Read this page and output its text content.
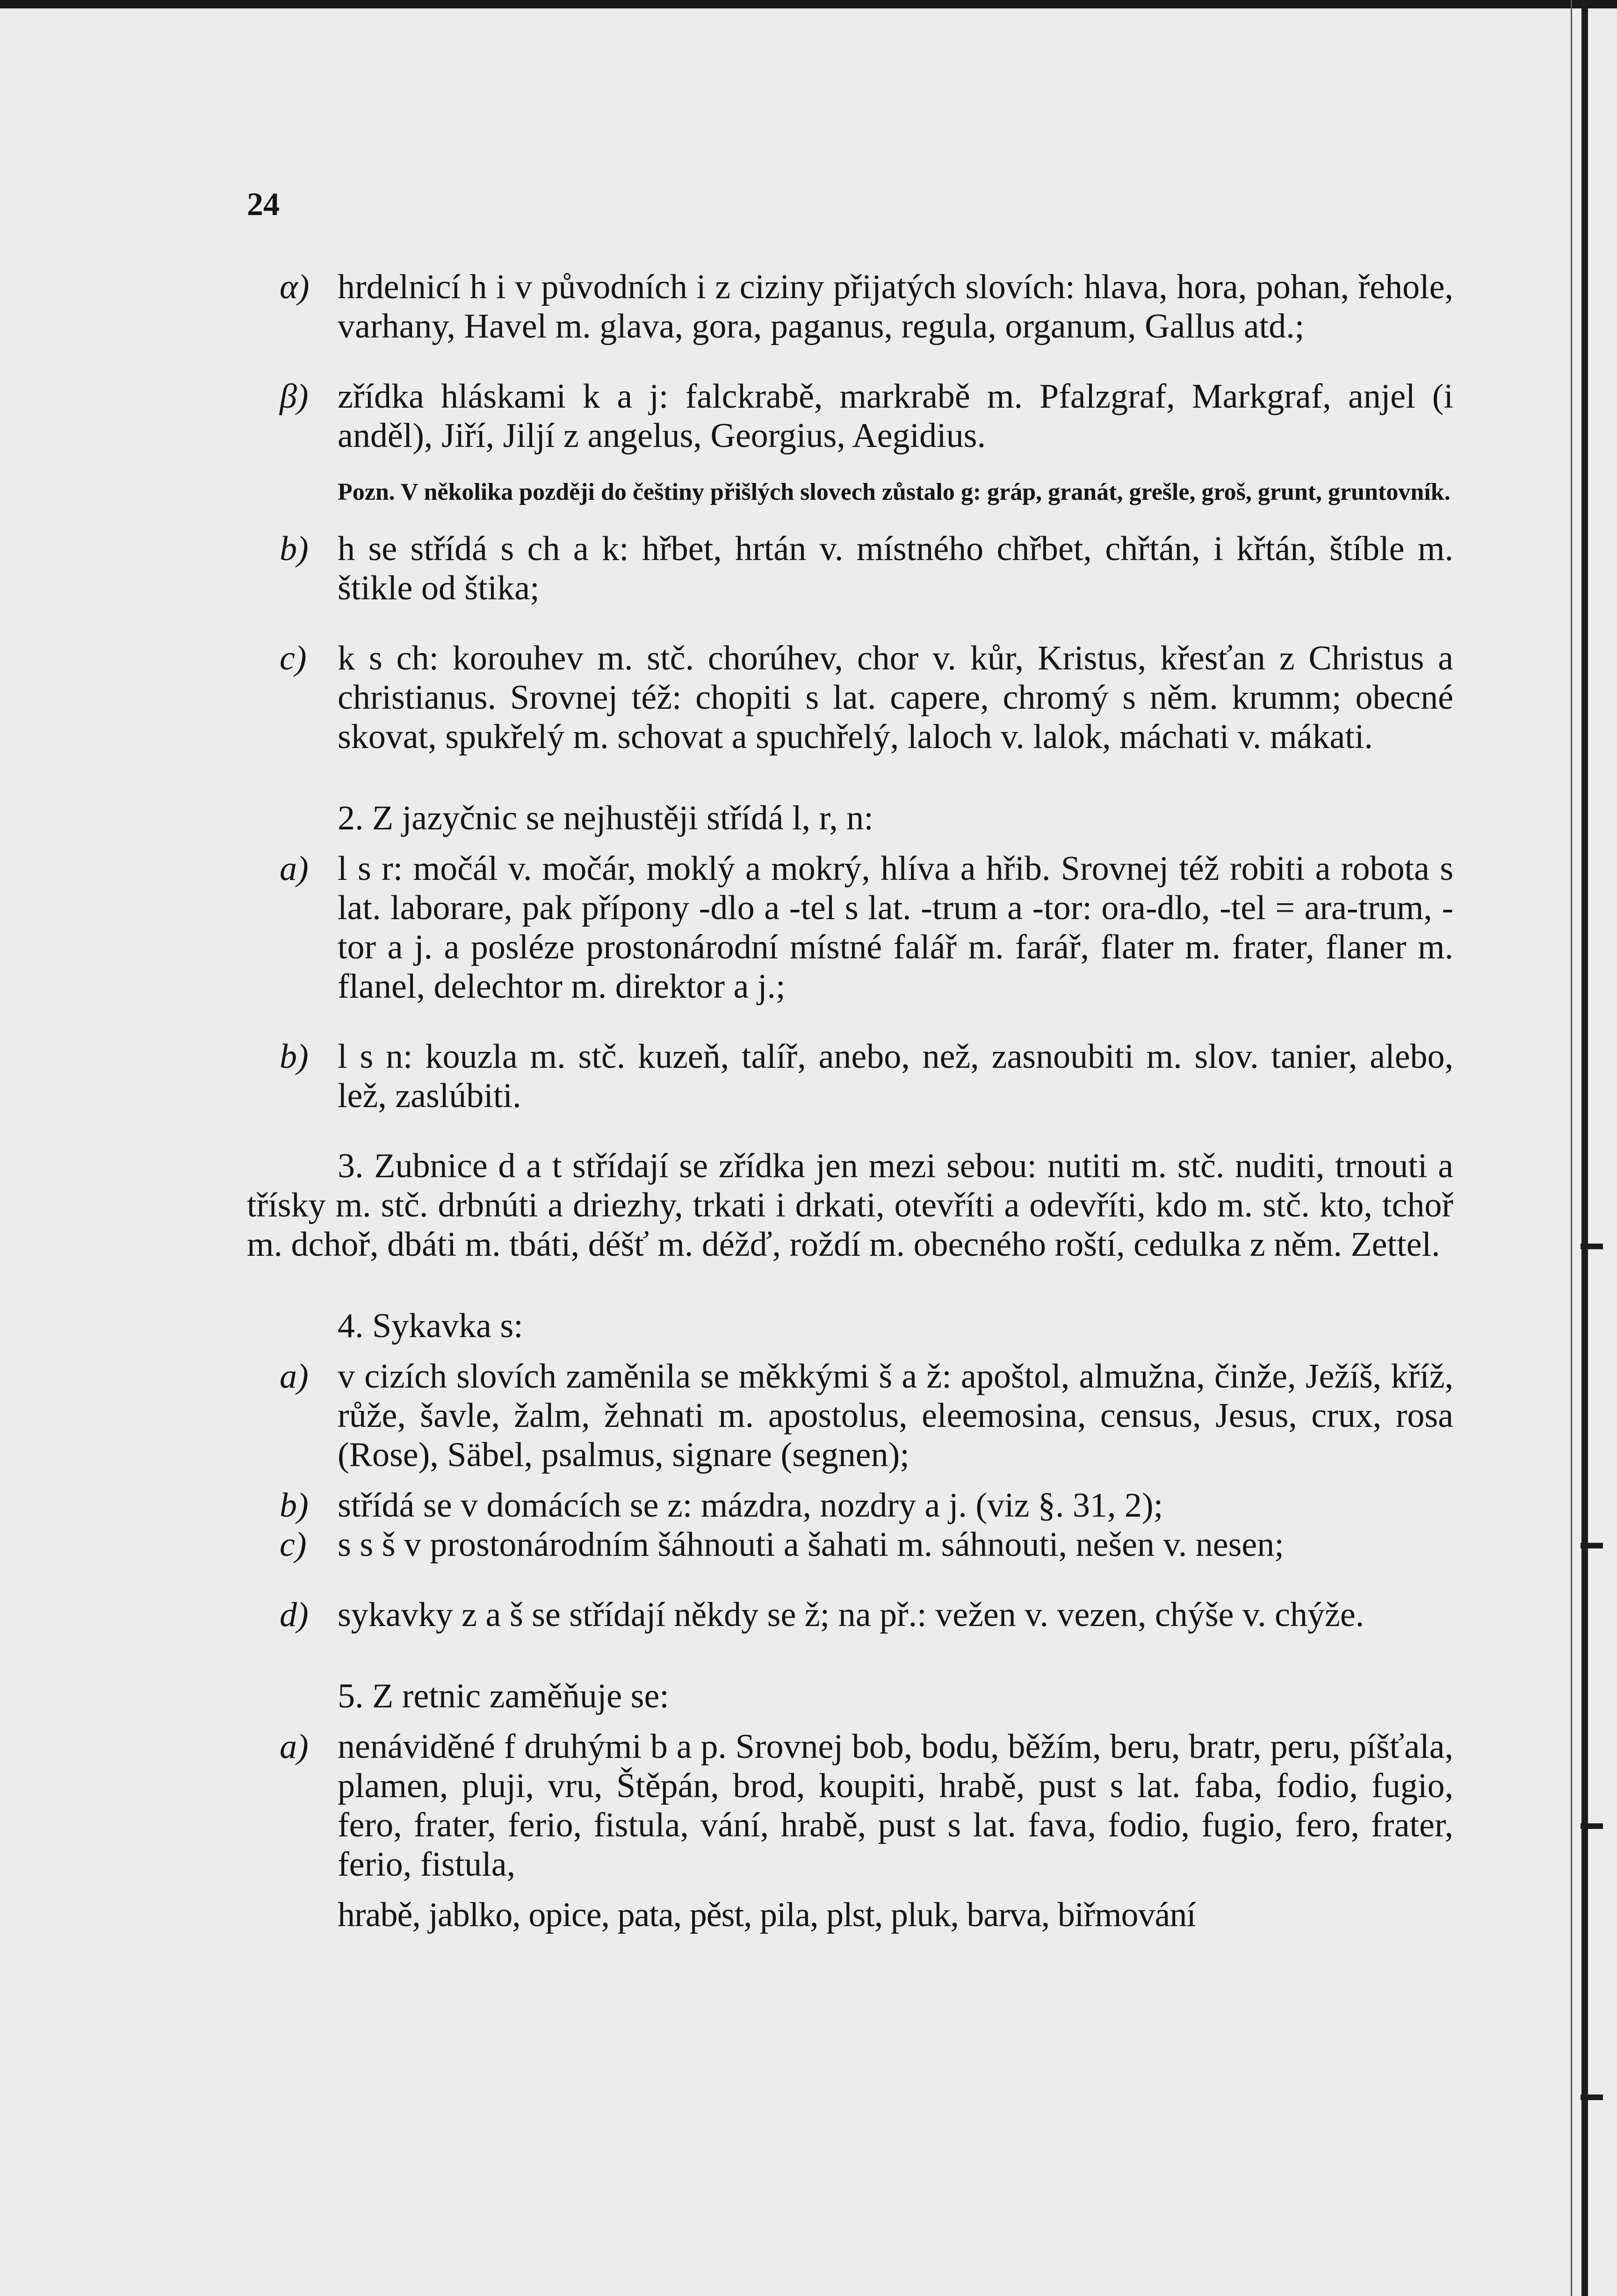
24
α) hrdelnicí h i v původních i z ciziny přijatých slovích: hlava, hora, pohan, řehole, varhany, Havel m. glava, gora, paganus, regula, organum, Gallus atd.;
β) zřídka hláskami k a j: falckrabě, markrabě m. Pfalzgraf, Markgraf, anjel (i anděl), Jiří, Jiljí z angelus, Georgius, Aegidius.
Pozn. V několika později do češtiny přišlých slovech zůstalo g: gráp, granát, grešle, groš, grunt, gruntovník.
b) h se střídá s ch a k: hřbet, hrtán v. místného chřbet, chřtán, i křtán, štíble m. štikle od štika;
c) k s ch: korouhev m. stč. chorúhev, chor v. kůr, Kristus, křesťan z Christus a christianus. Srovnej též: chopiti s lat. capere, chromý s něm. krumm; obecné skovat, spukřelý m. schovat a spuchřelý, laloch v. lalok, máchati v. mákati.
2. Z jazyčnic se nejhustěji střídá l, r, n:
a) l s r: močál v. močár, moklý a mokrý, hlíva a hřib. Srovnej též robiti a robota s lat. laborare, pak přípony -dlo a -tel s lat. -trum a -tor: ora-dlo, -tel = ara-trum, -tor a j. a posléze prostonárodní místné falář m. farář, flater m. frater, flaner m. flanel, delechtor m. direktor a j.;
b) l s n: kouzla m. stč. kuzeň, talíř, anebo, než, zasnoubiti m. slov. tanier, alebo, lež, zaslúbiti.
3. Zubnice d a t střídají se zřídka jen mezi sebou: nutiti m. stč. nuditi, trnouti a třísky m. stč. drbnúti a driezhy, trkati i drkati, otevříti a odevříti, kdo m. stč. kto, tchoř m. dchoř, dbáti m. tbáti, déšť m. déžď, roždí m. obecného roští, cedulka z něm. Zettel.
4. Sykavka s:
a) v cizích slovích zaměnila se měkkými š a ž: apoštol, almužna, činže, Ježíš, kříž, růže, šavle, žalm, žehnati m. apostolus, eleemosina, census, Jesus, crux, rosa (Rose), Säbel, psalmus, signare (segnen);
b) střídá se v domácích se z: mázdra, nozdry a j. (viz §. 31, 2);
c) s s š v prostonárodním šáhnouti a šahati m. sáhnouti, nešen v. nesen;
d) sykavky z a š se střídají někdy se ž; na př.: vežen v. vezen, chýše v. chýže.
5. Z retnic zaměňuje se:
a) nenáviděné f druhými b a p. Srovnej bob, bodu, běžím, beru, bratr, peru, píšťala, plamen, pluji, vru, Štěpán, brod, koupiti, hrabě, pust s lat. faba, fodio, fugio, fero, frater, ferio, fistula, vání, hrabě, pust s lat. fava, fodio, fugio, fero, frater, ferio, fistula,
hrabě, jablko, opice, pata, pěst, pila, plst, pluk, barva, biřmování
